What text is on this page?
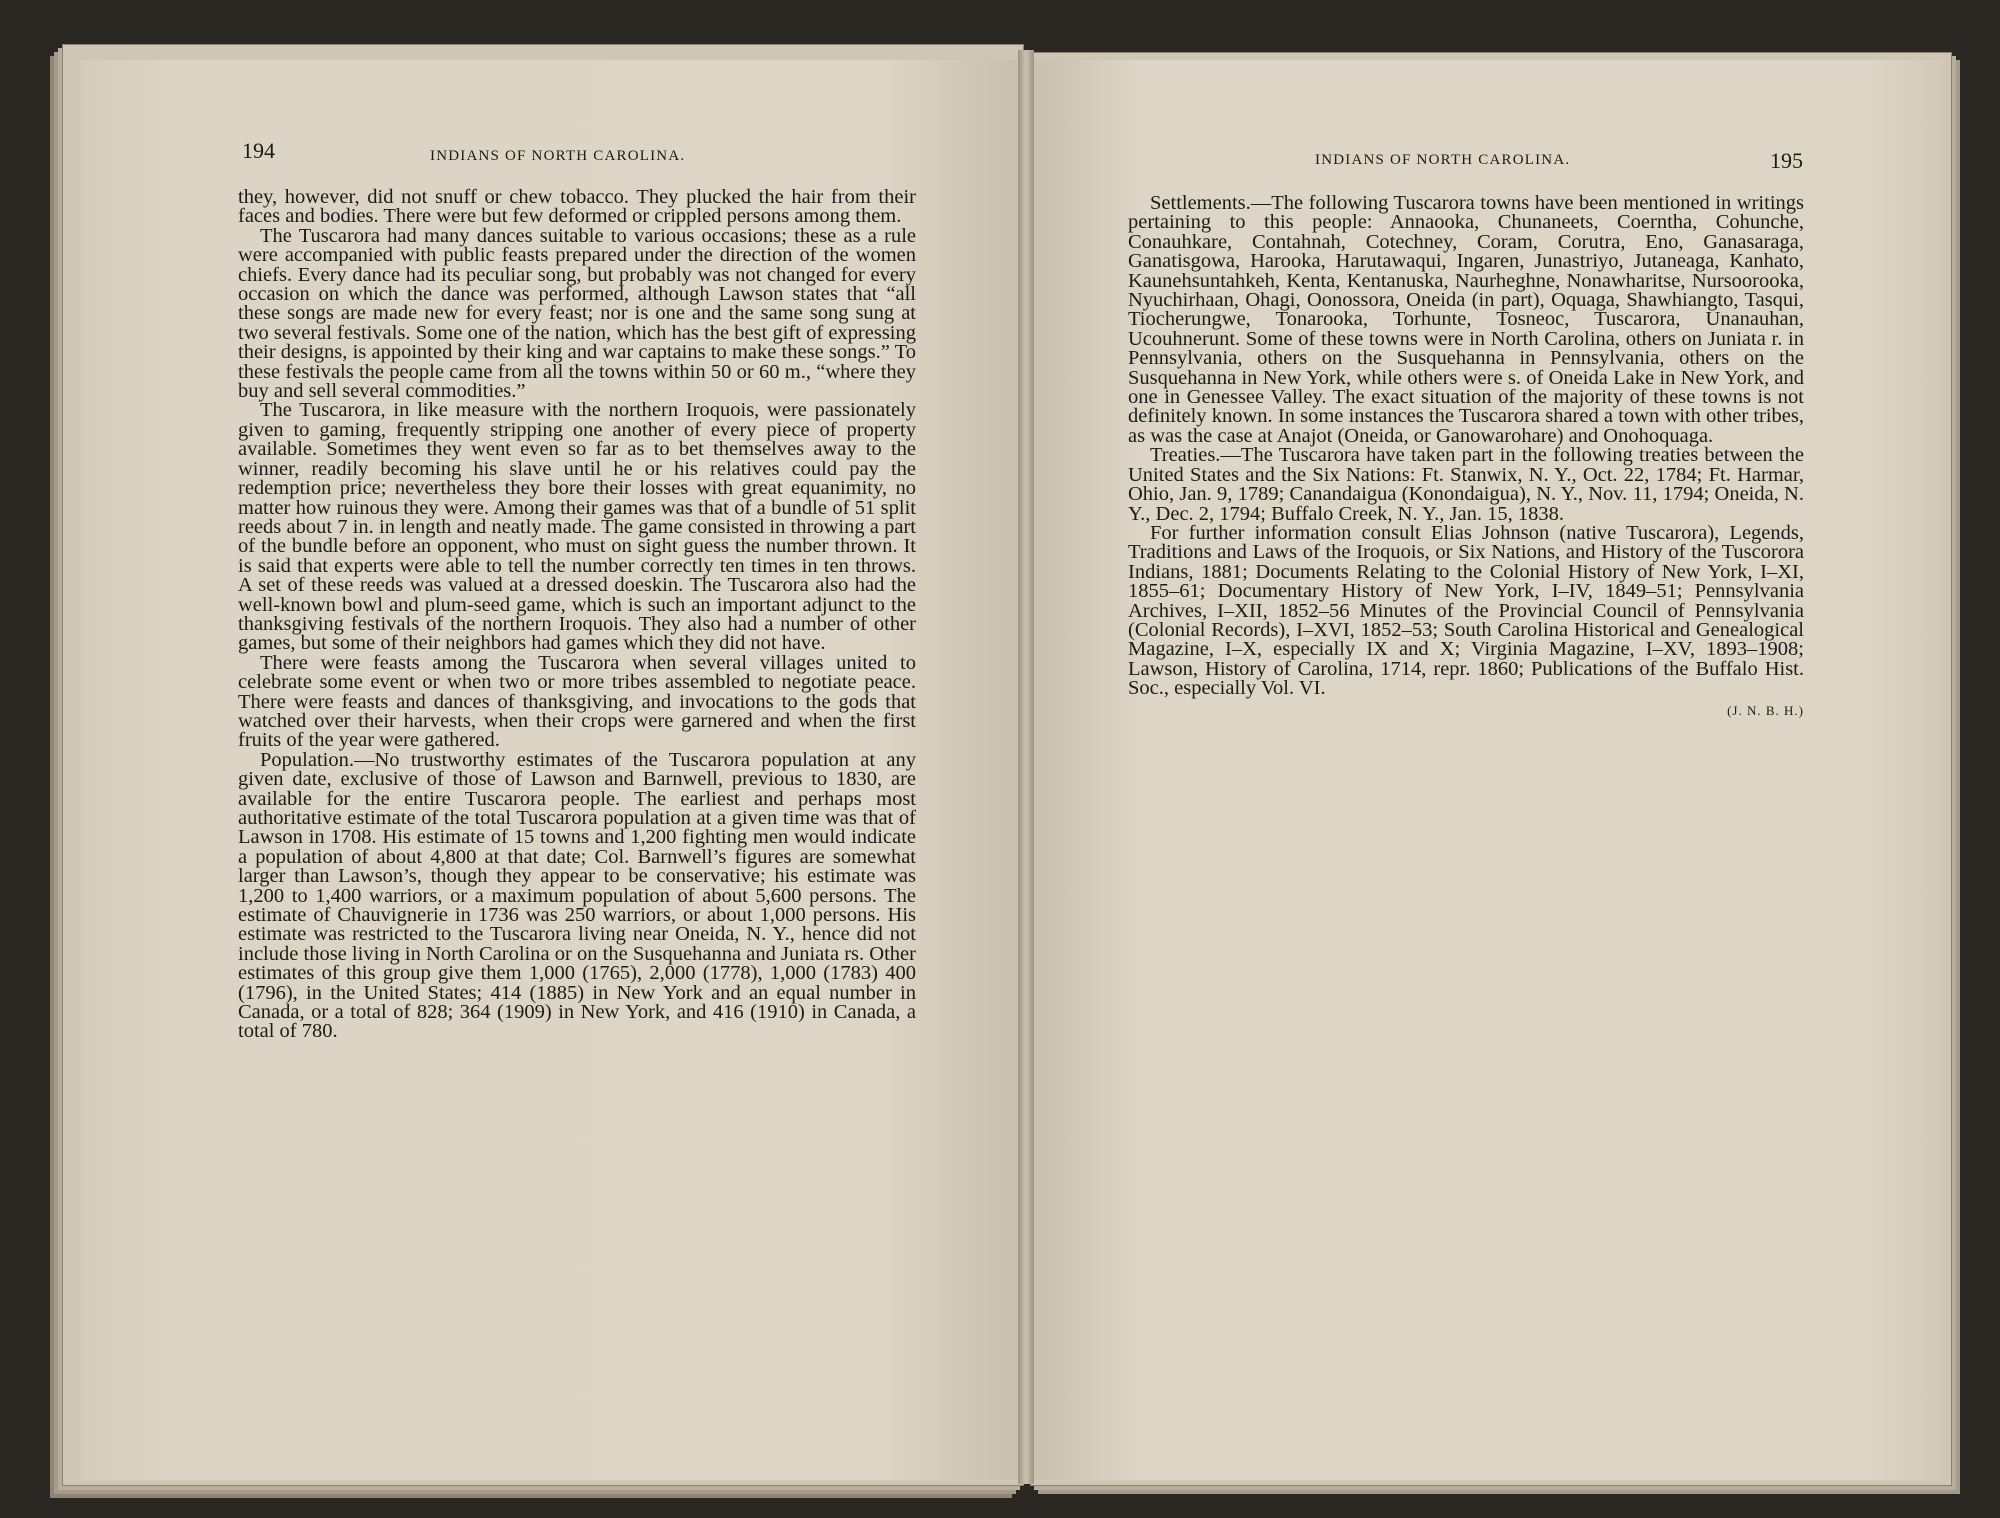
194	INDIANS OF NORTH CAROLINA.

they, however, did not snuff or chew tobacco. They plucked the hair from their faces and bodies. There were but few deformed or crippled persons among them.

The Tuscarora had many dances suitable to various occasions; these as a rule were accompanied with public feasts prepared under the direction of the women chiefs. Every dance had its peculiar song, but probably was not changed for every occasion on which the dance was performed, although Lawson states that “all these songs are made new for every feast; nor is one and the same song sung at two several festivals. Some one of the nation, which has the best gift of expressing their designs, is appointed by their king and war captains to make these songs.” To these festivals the people came from all the towns within 50 or 60 m., “where they buy and sell several commodities.”

The Tuscarora, in like measure with the northern Iroquois, were passionately given to gaming, frequently stripping one another of every piece of property available. Sometimes they went even so far as to bet themselves away to the winner, readily becoming his slave until he or his relatives could pay the redemption price; nevertheless they bore their losses with great equanimity, no matter how ruinous they were. Among their games was that of a bundle of 51 split reeds about 7 in. in length and neatly made. The game consisted in throwing a part of the bundle before an opponent, who must on sight guess the number thrown. It is said that experts were able to tell the number correctly ten times in ten throws. A set of these reeds was valued at a dressed doeskin. The Tuscarora also had the well-known bowl and plum-seed game, which is such an important adjunct to the thanksgiving festivals of the northern Iroquois. They also had a number of other games, but some of their neighbors had games which they did not have.

There were feasts among the Tuscarora when several villages united to celebrate some event or when two or more tribes assembled to negotiate peace. There were feasts and dances of thanksgiving, and invocations to the gods that watched over their harvests, when their crops were garnered and when the first fruits of the year were gathered.

Population.—No trustworthy estimates of the Tuscarora population at any given date, exclusive of those of Lawson and Barnwell, previous to 1830, are available for the entire Tuscarora people. The earliest and perhaps most authoritative estimate of the total Tuscarora population at a given time was that of Lawson in 1708. His estimate of 15 towns and 1,200 fighting men would indicate a population of about 4,800 at that date; Col. Barnwell’s figures are somewhat larger than Lawson’s, though they appear to be conservative; his estimate was 1,200 to 1,400 warriors, or a maximum population of about 5,600 persons. The estimate of Chauvignerie in 1736 was 250 warriors, or about 1,000 persons. His estimate was restricted to the Tuscarora living near Oneida, N. Y., hence did not include those living in North Carolina or on the Susquehanna and Juniata rs. Other estimates of this group give them 1,000 (1765), 2,000 (1778), 1,000 (1783) 400 (1796), in the United States; 414 (1885) in New York and an equal number in Canada, or a total of 828; 364 (1909) in New York, and 416 (1910) in Canada, a total of 780.

INDIANS OF NORTH CAROLINA.	195

Settlements.—The following Tuscarora towns have been mentioned in writings pertaining to this people: Annaooka, Chunaneets, Coerntha, Cohunche, Conauhkare, Contahnah, Cotechney, Coram, Corutra, Eno, Ganasaraga, Ganatisgowa, Harooka, Harutawaqui, Ingaren, Junastriyo, Jutaneaga, Kanhato, Kaunehsuntahkeh, Kenta, Kentanuska, Naurheghne, Nonawharitse, Nursoorooka, Nyuchirhaan, Ohagi, Oonossora, Oneida (in part), Oquaga, Shawhiangto, Tasqui, Tiocherungwe, Tonarooka, Torhunte, Tosneoc, Tuscarora, Unanauhan, Ucouhnerunt. Some of these towns were in North Carolina, others on Juniata r. in Pennsylvania, others on the Susquehanna in Pennsylvania, others on the Susquehanna in New York, while others were s. of Oneida Lake in New York, and one in Genessee Valley. The exact situation of the majority of these towns is not definitely known. In some instances the Tuscarora shared a town with other tribes, as was the case at Anajot (Oneida, or Ganowarohare) and Onohoquaga.

Treaties.—The Tuscarora have taken part in the following treaties between the United States and the Six Nations: Ft. Stanwix, N. Y., Oct. 22, 1784; Ft. Harmar, Ohio, Jan. 9, 1789; Canandaigua (Konondaigua), N. Y., Nov. 11, 1794; Oneida, N. Y., Dec. 2, 1794; Buffalo Creek, N. Y., Jan. 15, 1838.

For further information consult Elias Johnson (native Tuscarora), Legends, Traditions and Laws of the Iroquois, or Six Nations, and History of the Tuscorora Indians, 1881; Documents Relating to the Colonial History of New York, I–XI, 1855–61; Documentary History of New York, I–IV, 1849–51; Pennsylvania Archives, I–XII, 1852–56 Minutes of the Provincial Council of Pennsylvania (Colonial Records), I–XVI, 1852–53; South Carolina Historical and Genealogical Magazine, I–X, especially IX and X; Virginia Magazine, I–XV, 1893–1908; Lawson, History of Carolina, 1714, repr. 1860; Publications of the Buffalo Hist. Soc., especially Vol. VI.

(J. N. B. H.)
